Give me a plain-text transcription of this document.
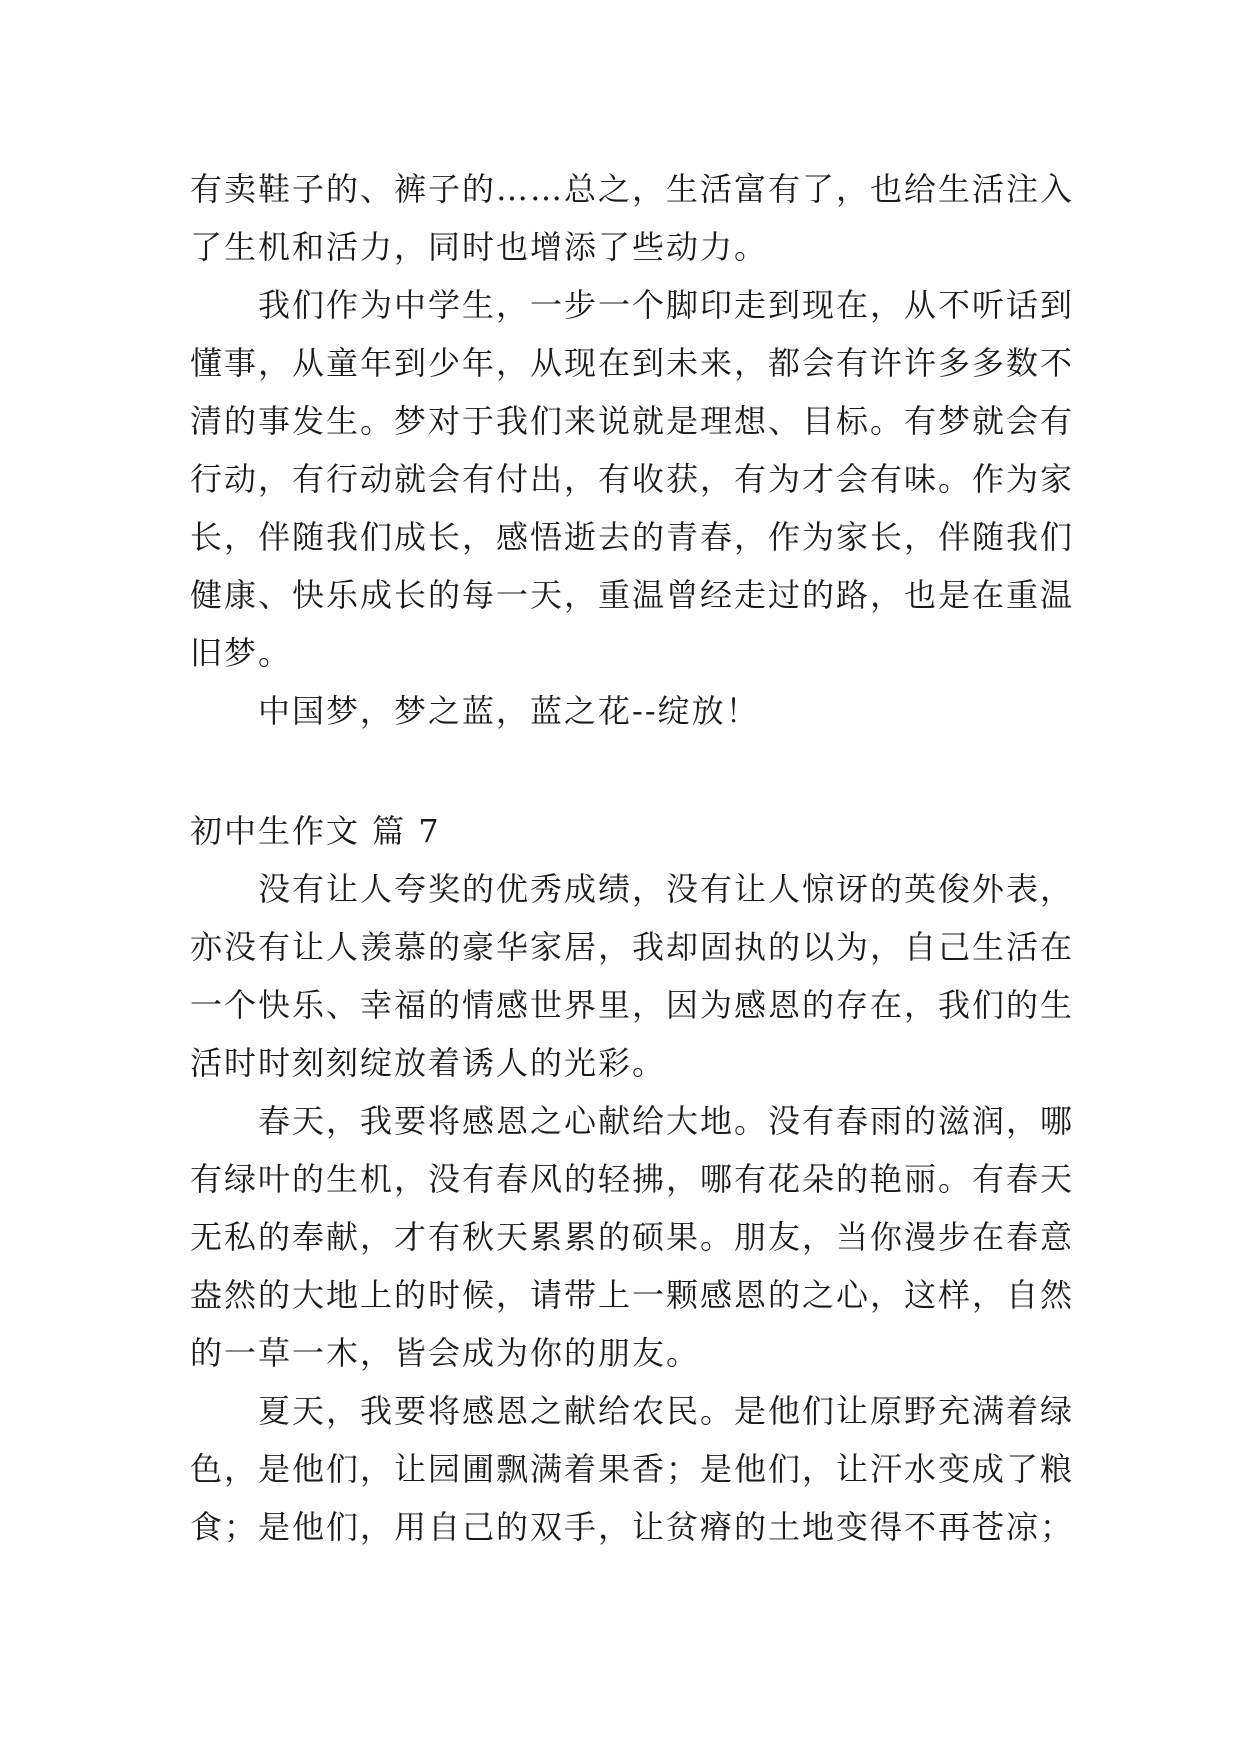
有卖鞋子的、裤子的……总之，生活富有了，也给生活注入
了生机和活力，同时也增添了些动力。
我们作为中学生，一步一个脚印走到现在，从不听话到
懂事，从童年到少年，从现在到未来，都会有许许多多数不
清的事发生。梦对于我们来说就是理想、目标。有梦就会有
行动，有行动就会有付出，有收获，有为才会有味。作为家
长，伴随我们成长，感悟逝去的青春，作为家长，伴随我们
健康、快乐成长的每一天，重温曾经走过的路，也是在重温
旧梦。
中国梦，梦之蓝，蓝之花--绽放！
初中生作文 篇 7
没有让人夸奖的优秀成绩，没有让人惊讶的英俊外表，
亦没有让人羡慕的豪华家居，我却固执的以为，自己生活在
一个快乐、幸福的情感世界里，因为感恩的存在，我们的生
活时时刻刻绽放着诱人的光彩。
春天，我要将感恩之心献给大地。没有春雨的滋润，哪
有绿叶的生机，没有春风的轻拂，哪有花朵的艳丽。有春天
无私的奉献，才有秋天累累的硕果。朋友，当你漫步在春意
盎然的大地上的时候，请带上一颗感恩的之心，这样，自然
的一草一木，皆会成为你的朋友。
夏天，我要将感恩之献给农民。是他们让原野充满着绿
色，是他们，让园圃飘满着果香；是他们，让汗水变成了粮
食；是他们，用自己的双手，让贫瘠的土地变得不再苍凉；
